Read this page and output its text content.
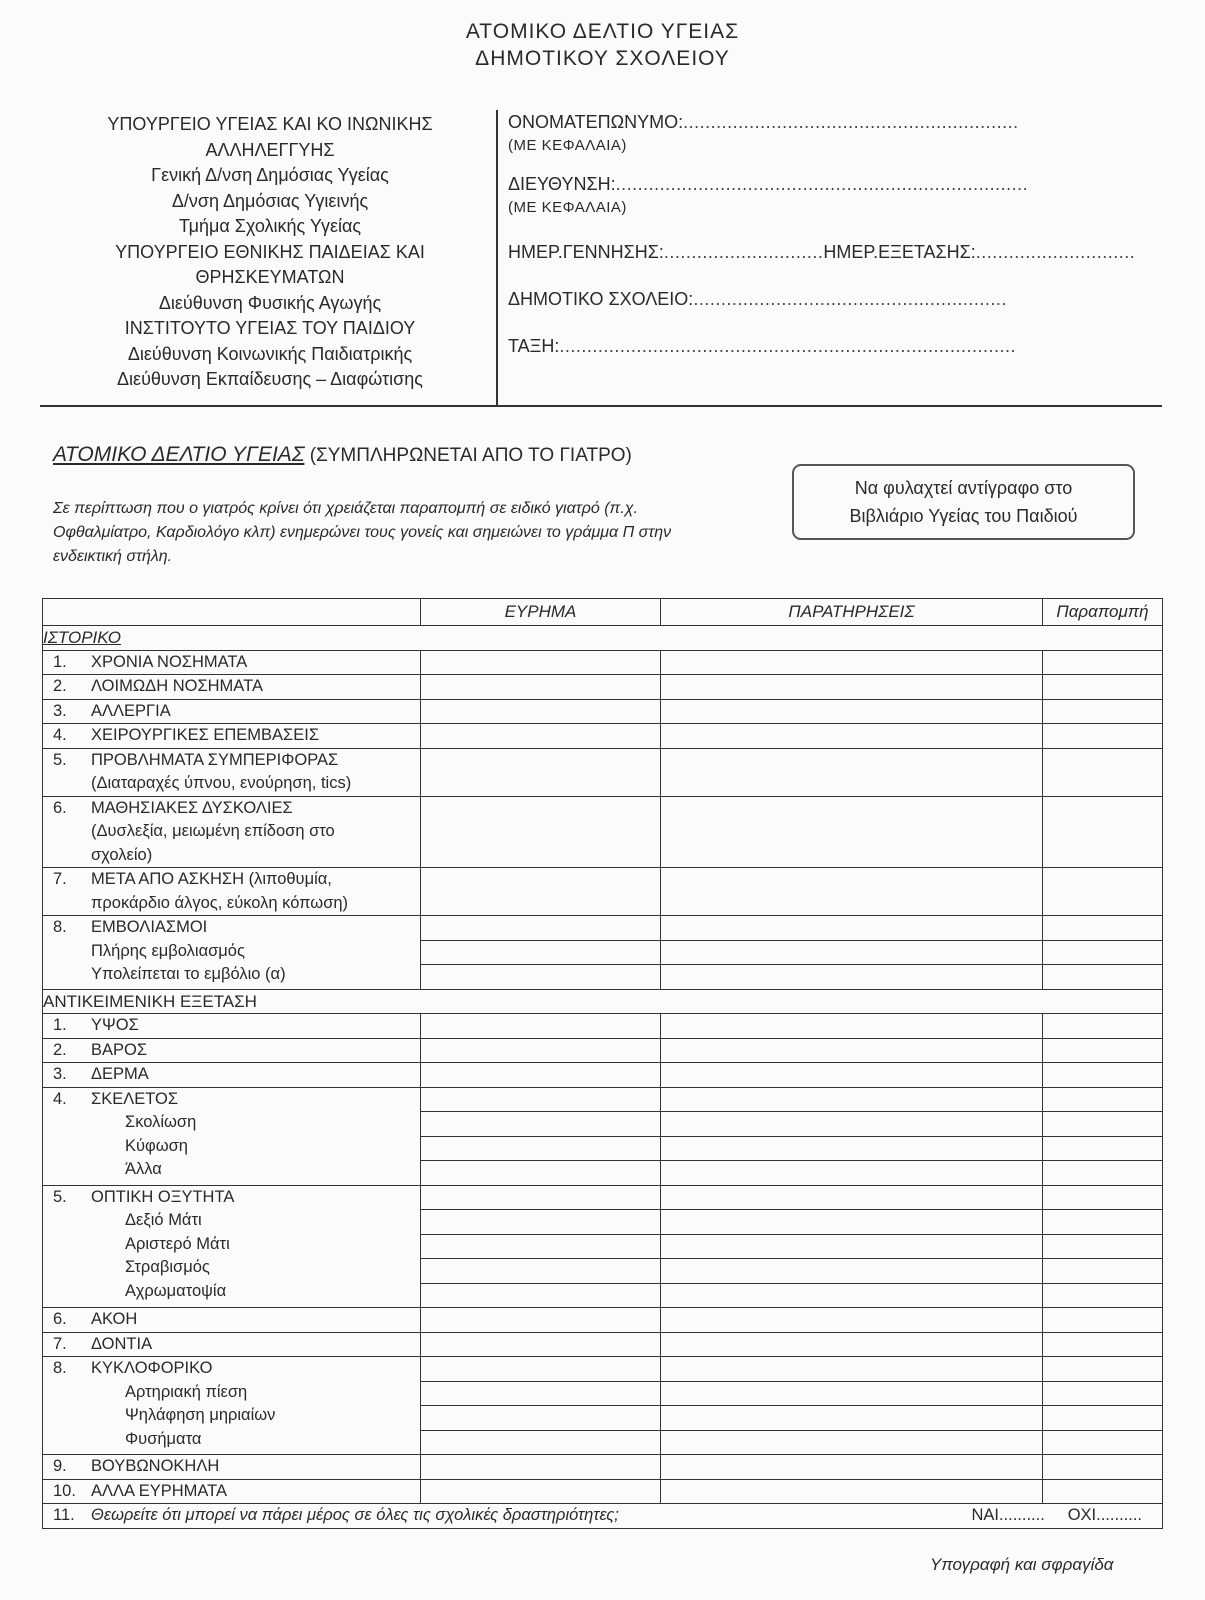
ΑΤΟΜΙΚΟ ΔΕΛΤΙΟ ΥΓΕΙΑΣ
ΔΗΜΟΤΙΚΟΥ ΣΧΟΛΕΙΟΥ
ΥΠΟΥΡΓΕΙΟ ΥΓΕΙΑΣ ΚΑΙ ΚΟ ΙΝΩΝΙΚΗΣ
ΑΛΛΗΛΕΓΓΥΗΣ
Γενική Δ/νση Δημόσιας Υγείας
Δ/νση Δημόσιας Υγιεινής
Τμήμα Σχολικής Υγείας
ΥΠΟΥΡΓΕΙΟ ΕΘΝΙΚΗΣ ΠΑΙΔΕΙΑΣ ΚΑΙ
ΘΡΗΣΚΕΥΜΑΤΩΝ
Διεύθυνση Φυσικής Αγωγής
ΙΝΣΤΙΤΟΥΤΟ ΥΓΕΙΑΣ ΤΟΥ ΠΑΙΔΙΟΥ
Διεύθυνση Κοινωνικής Παιδιατρικής
Διεύθυνση Εκπαίδευσης – Διαφώτισης
ΟΝΟΜΑΤΕΠΩΝΥΜΟ:.............................................................
(ΜΕ ΚΕΦΑΛΑΙΑ)
ΔΙΕΥΘΥΝΣΗ:...........................................................................
(ΜΕ ΚΕΦΑΛΑΙΑ)
ΗΜΕΡ.ΓΕΝΝΗΣΗΣ:.............................ΗΜΕΡ.ΕΞΕΤΑΣΗΣ:.............................
ΔΗΜΟΤΙΚΟ ΣΧΟΛΕΙΟ:.........................................................
ΤΑΞΗ:...................................................................................
ΑΤΟΜΙΚΟ ΔΕΛΤΙΟ ΥΓΕΙΑΣ (ΣΥΜΠΛΗΡΩΝΕΤΑΙ ΑΠΟ ΤΟ ΓΙΑΤΡΟ)
Να φυλαχτεί αντίγραφο στο
Βιβλιάριο Υγείας του Παιδιού
Σε περίπτωση που ο γιατρός κρίνει ότι χρειάζεται παραπομπή σε ειδικό γιατρό (π.χ.
Οφθαλμίατρο, Καρδιολόγο κλπ) ενημερώνει τους γονείς και σημειώνει το γράμμα Π στην
ενδεικτική στήλη.
	ΕΥΡΗΜΑ	ΠΑΡΑΤΗΡΗΣΕΙΣ	Παραπομπή
ΙΣΤΟΡΙΚΟ			

1. ΧΡΟΝΙΑ ΝΟΣΗΜΑΤΑ			

2. ΛΟΙΜΩΔΗ ΝΟΣΗΜΑΤΑ			

3. ΑΛΛΕΡΓΙΑ			

4. ΧΕΙΡΟΥΡΓΙΚΕΣ ΕΠΕΜΒΑΣΕΙΣ			

5. ΠΡΟΒΛΗΜΑΤΑ ΣΥΜΠΕΡΙΦΟΡΑΣ
(Διαταραχές ύπνου, ενούρηση, tics)			

6. ΜΑΘΗΣΙΑΚΕΣ ΔΥΣΚΟΛΙΕΣ
(Δυσλεξία, μειωμένη επίδοση στο
σχολείο)			

7. ΜΕΤΑ ΑΠΟ ΑΣΚΗΣΗ (λιποθυμία,
προκάρδιο άλγος, εύκολη κόπωση)			

8. ΕΜΒΟΛΙΑΣΜΟΙ
Πλήρης εμβολιασμός
Υπολείπεται το εμβόλιο (α)			

ΑΝΤΙΚΕΙΜΕΝΙΚΗ ΕΞΕΤΑΣΗ			

1. ΥΨΟΣ			

2. ΒΑΡΟΣ			

3. ΔΕΡΜΑ			

4. ΣΚΕΛΕΤΟΣ
Σκολίωση
Κύφωση
Άλλα			

5. ΟΠΤΙΚΗ ΟΞΥΤΗΤΑ
Δεξιό Μάτι
Αριστερό Μάτι
Στραβισμός
Αχρωματοψία			

6. ΑΚΟΗ			

7. ΔΟΝΤΙΑ			

8. ΚΥΚΛΟΦΟΡΙΚΟ
Αρτηριακή πίεση
Ψηλάφηση μηριαίων
Φυσήματα			

9. ΒΟΥΒΩΝΟΚΗΛΗ			

10. ΑΛΛΑ ΕΥΡΗΜΑΤΑ			

11. Θεωρείτε ότι μπορεί να πάρει μέρος σε όλες τις σχολικές δραστηριότητες; ΝΑΙ.......... ΟΧΙ..........			
Υπογραφή και σφραγίδα
